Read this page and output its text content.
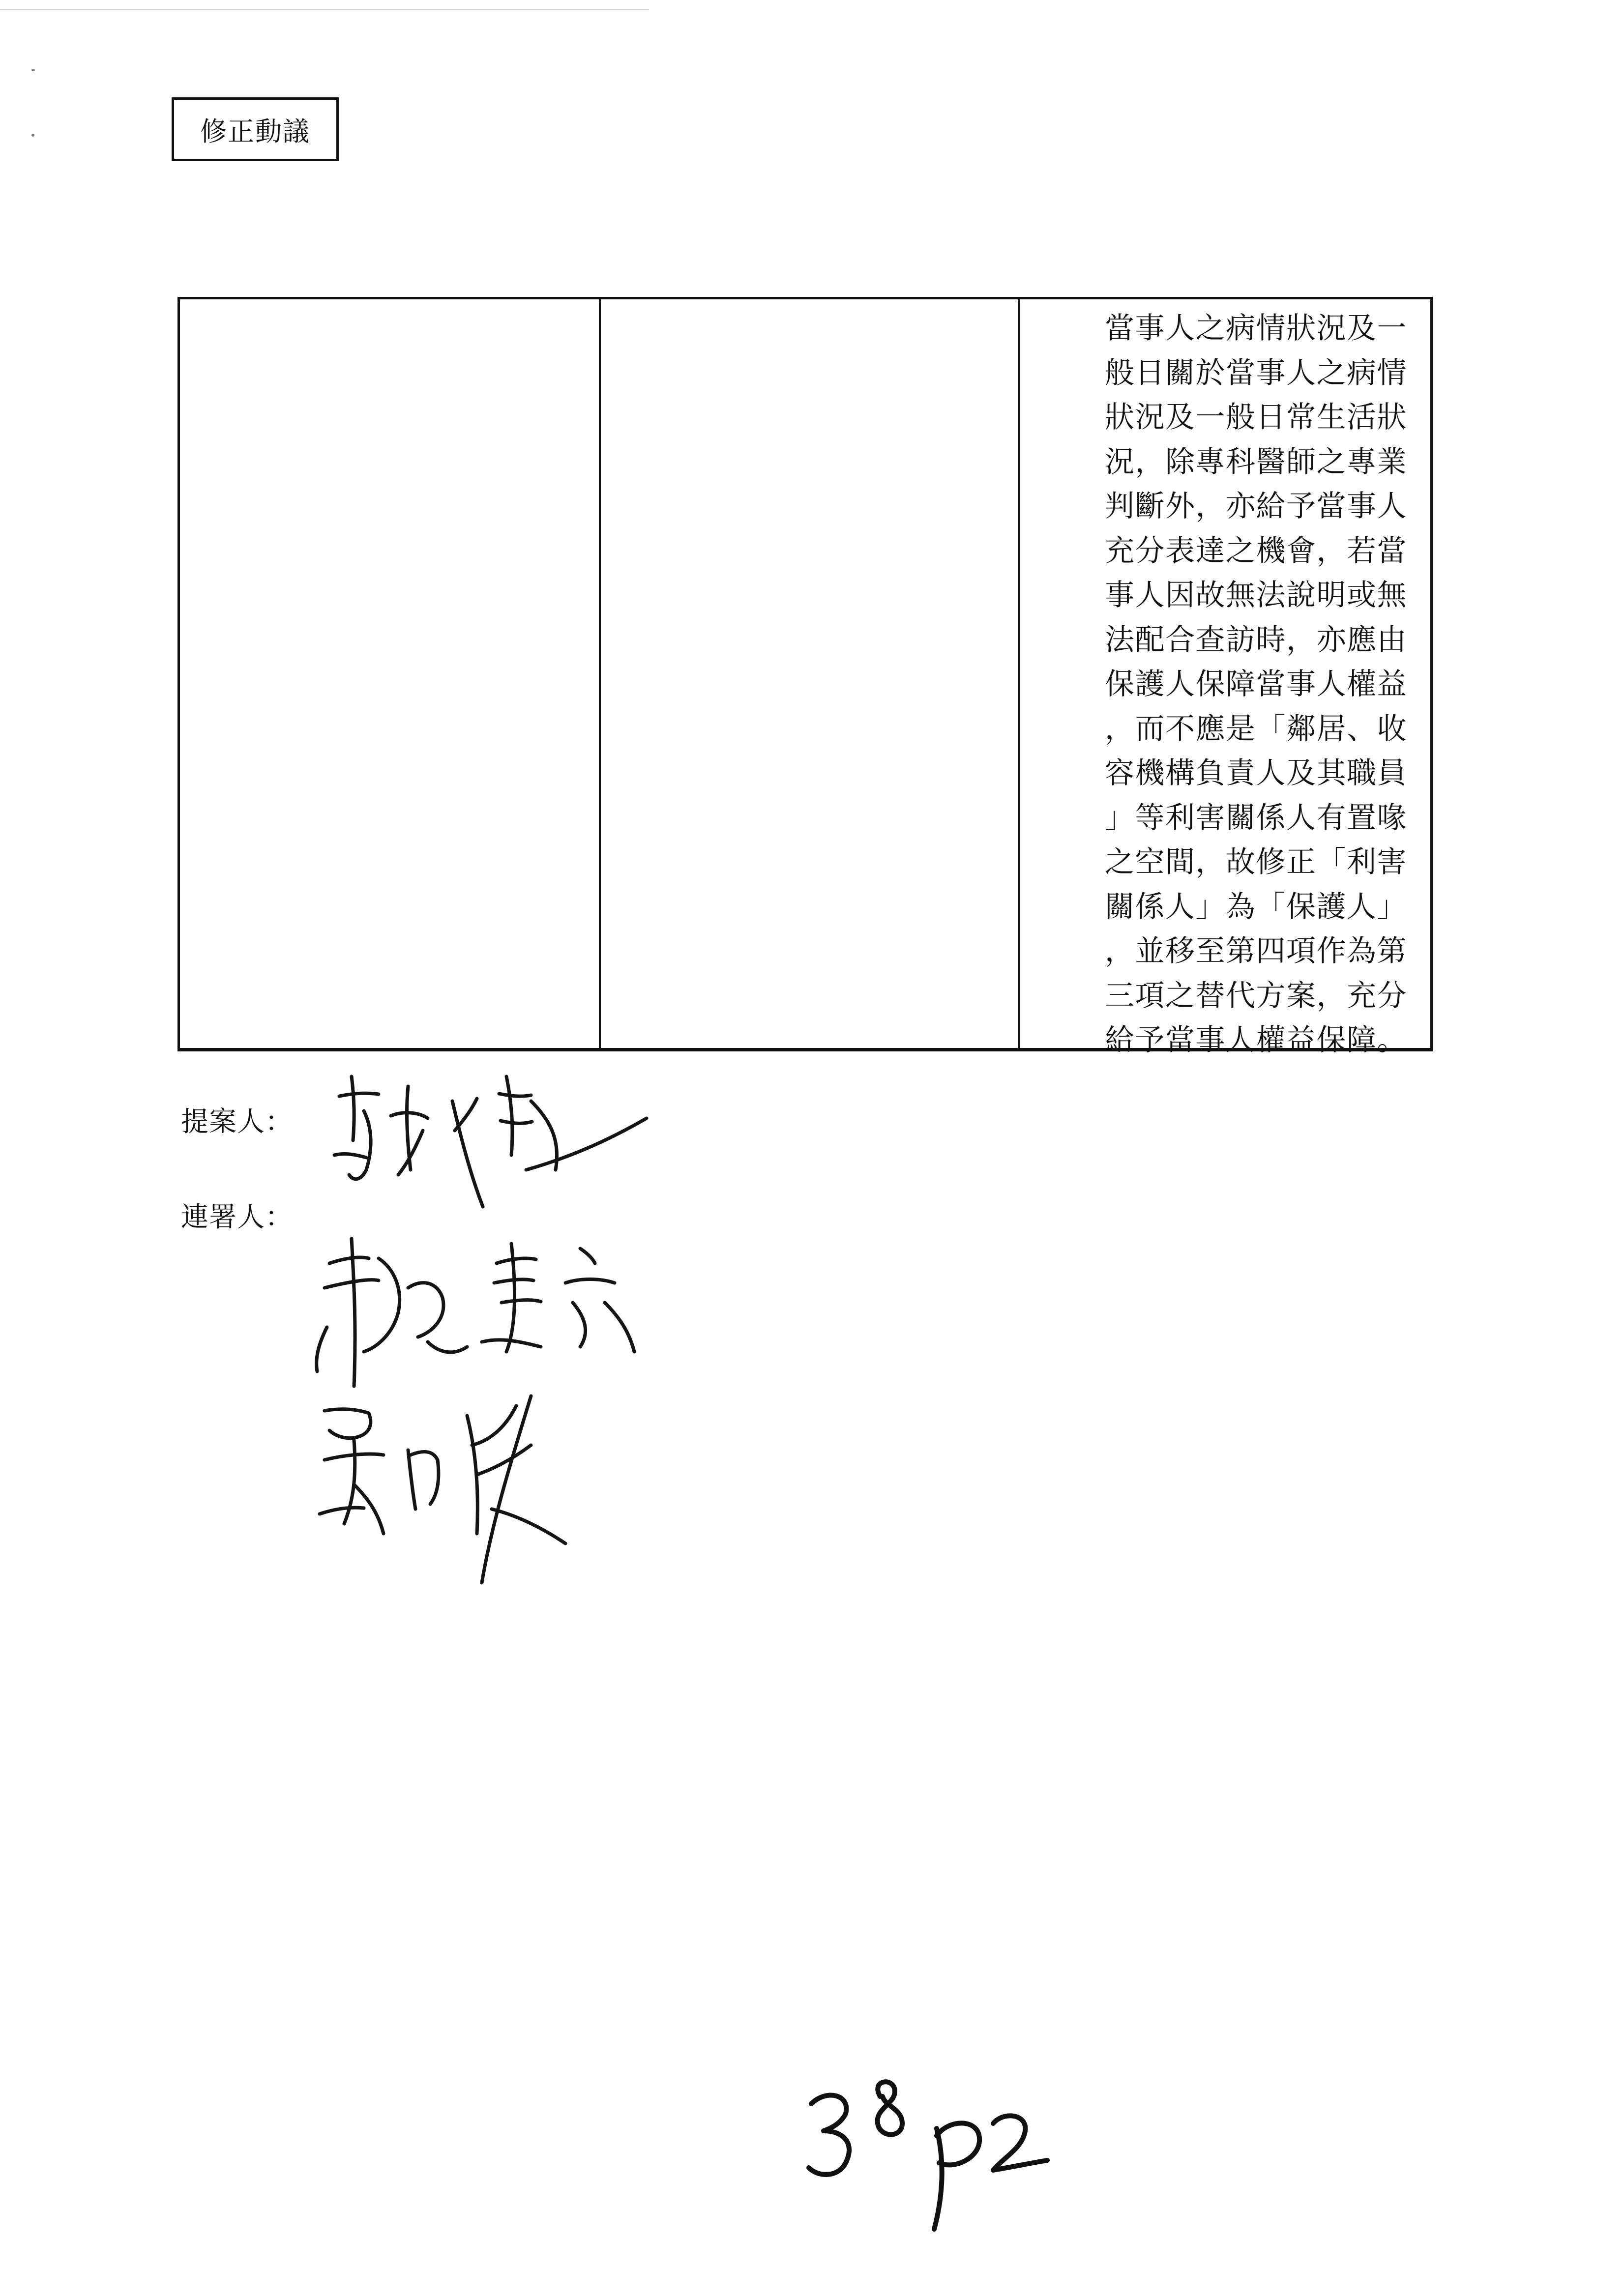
修正動議
當事人之病情狀況及一
般日關於當事人之病情
狀況及一般日常生活狀
況，除專科醫師之專業
判斷外，亦給予當事人
充分表達之機會，若當
事人因故無法說明或無
法配合查訪時，亦應由
保護人保障當事人權益
，而不應是「鄰居、收
容機構負責人及其職員
」等利害關係人有置喙
之空間，故修正「利害
關係人」為「保護人」
，並移至第四項作為第
三項之替代方案，充分
給予當事人權益保障。
提案人：
連署人：
